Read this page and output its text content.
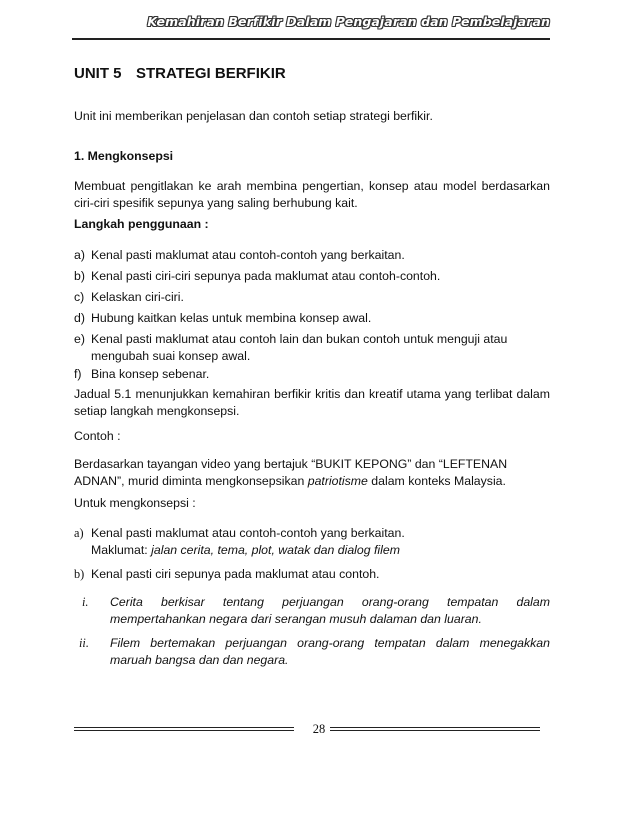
Kemahiran Berfikir Dalam Pengajaran dan Pembelajaran
UNIT 5 STRATEGI BERFIKIR
Unit ini memberikan penjelasan dan contoh setiap strategi berfikir.
1. Mengkonsepsi
Membuat pengitlakan ke arah membina pengertian, konsep atau model berdasarkan ciri-ciri spesifik sepunya yang saling berhubung kait.
Langkah penggunaan :
a) Kenal pasti maklumat atau contoh-contoh yang berkaitan.
b) Kenal pasti ciri-ciri sepunya pada maklumat atau contoh-contoh.
c) Kelaskan ciri-ciri.
d) Hubung kaitkan kelas untuk membina konsep awal.
e) Kenal pasti maklumat atau contoh lain dan bukan contoh untuk menguji atau mengubah suai konsep awal.
f) Bina konsep sebenar.
Jadual 5.1 menunjukkan kemahiran berfikir kritis dan kreatif utama yang terlibat dalam setiap langkah mengkonsepsi.
Contoh :
Berdasarkan tayangan video yang bertajuk “BUKIT KEPONG” dan “LEFTENAN ADNAN”, murid diminta mengkonsepsikan patriotisme dalam konteks Malaysia.
Untuk mengkonsepsi :
a) Kenal pasti maklumat atau contoh-contoh yang berkaitan.
Maklumat: jalan cerita, tema, plot, watak dan dialog filem
b) Kenal pasti ciri sepunya pada maklumat atau contoh.
i. Cerita berkisar tentang perjuangan orang-orang tempatan dalam mempertahankan negara dari serangan musuh dalaman dan luaran.
ii. Filem bertemakan perjuangan orang-orang tempatan dalam menegakkan maruah bangsa dan dan negara.
28
